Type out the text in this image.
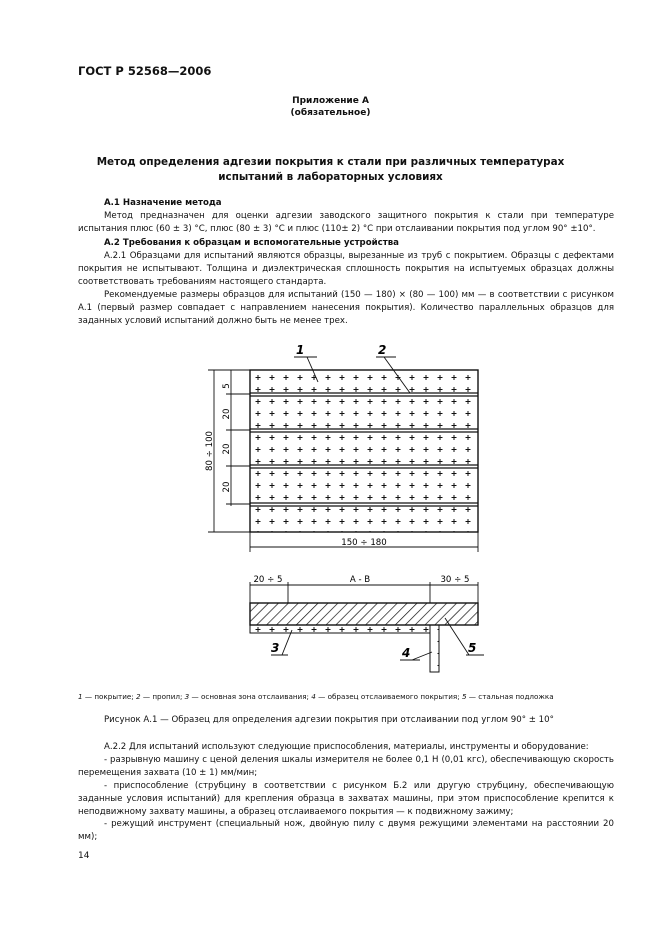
ГОСТ Р 52568—2006
Приложение А
(обязательное)
Метод определения адгезии покрытия к стали при различных температурах
испытаний в лабораторных условиях
А.1 Назначение метода
Метод предназначен для оценки адгезии заводского защитного покрытия к стали при температуре испытания плюс (60 ± 3) °С, плюс (80 ± 3) °С и плюс (110± 2) °С при отслаивании покрытия под углом 90° ±10°.
А.2 Требования к образцам и вспомогательные устройства
А.2.1 Образцами для испытаний являются образцы, вырезанные из труб с покрытием. Образцы с дефектами покрытия не испытывают. Толщина и диэлектрическая сплошность покрытия на испытуемых образцах должны соответствовать требованиям настоящего стандарта.
Рекомендуемые размеры образцов для испытаний (150 — 180) × (80 — 100) мм — в соответствии с рисунком А.1 (первый размер совпадает с направлением нанесения покрытия). Количество параллельных образцов для заданных условий испытаний должно быть не менее трех.
1	2
5
20
20
20
80 ÷ 100
150 ÷ 180
20 ÷ 5	А - В	30 ÷ 5
3	4	5
1 — покрытие; 2 — пропил; 3 — основная зона отслаивания; 4 — образец отслаиваемого покрытия; 5 — стальная подложка
Рисунок А.1 — Образец для определения адгезии покрытия при отслаивании под углом 90° ± 10°
А.2.2 Для испытаний используют следующие приспособления, материалы, инструменты и оборудование:
- разрывную машину с ценой деления шкалы измерителя не более 0,1 Н (0,01 кгс), обеспечивающую скорость перемещения захвата (10 ± 1) мм/мин;
- приспособление (струбцину в соответствии с рисунком Б.2 или другую струбцину, обеспечивающую заданные условия испытаний) для крепления образца в захватах машины, при этом приспособление крепится к неподвижному захвату машины, а образец отслаиваемого покрытия — к подвижному зажиму;
- режущий инструмент (специальный нож, двойную пилу с двумя режущими элементами на расстоянии 20 мм);
14
